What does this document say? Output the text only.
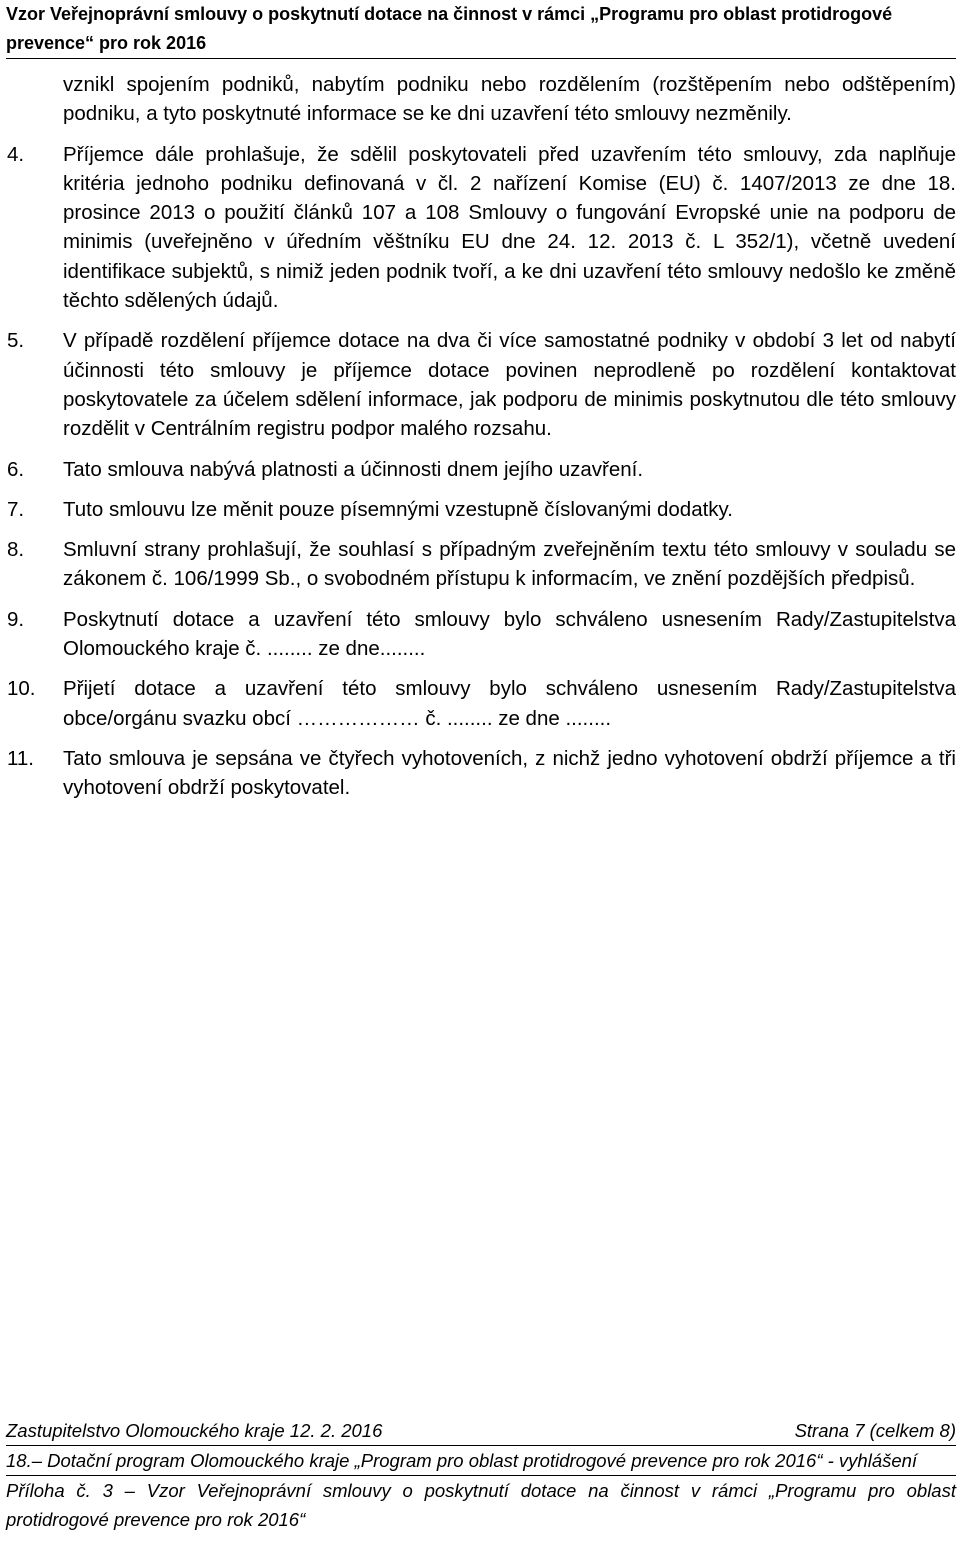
Vzor Veřejnoprávní smlouvy o poskytnutí dotace na činnost v rámci „Programu pro oblast protidrogové
prevence“ pro rok 2016
vznikl spojením podniků, nabytím podniku nebo rozdělením (rozštěpením nebo odštěpením) podniku, a tyto poskytnuté informace se ke dni uzavření této smlouvy nezměnily.
4.	Příjemce dále prohlašuje, že sdělil poskytovateli před uzavřením této smlouvy, zda naplňuje kritéria jednoho podniku definovaná v čl. 2 nařízení Komise (EU) č. 1407/2013 ze dne 18. prosince 2013 o použití článků 107 a 108 Smlouvy o fungování Evropské unie na podporu de minimis (uveřejněno v úředním věštníku EU dne 24. 12. 2013 č. L 352/1), včetně uvedení identifikace subjektů, s nimiž jeden podnik tvoří, a ke dni uzavření této smlouvy nedošlo ke změně těchto sdělených údajů.
5.	V případě rozdělení příjemce dotace na dva či více samostatné podniky v období 3 let od nabytí účinnosti této smlouvy je příjemce dotace povinen neprodleně po rozdělení kontaktovat poskytovatele za účelem sdělení informace, jak podporu de minimis poskytnutou dle této smlouvy rozdělit v Centrálním registru podpor malého rozsahu.
6.	Tato smlouva nabývá platnosti a účinnosti dnem jejího uzavření.
7.	Tuto smlouvu lze měnit pouze písemnými vzestupně číslovanými dodatky.
8.	Smluvní strany prohlašují, že souhlasí s případným zveřejněním textu této smlouvy v souladu se zákonem č. 106/1999 Sb., o svobodném přístupu k informacím, ve znění pozdějších předpisů.
9.	Poskytnutí dotace a uzavření této smlouvy bylo schváleno usnesením Rady/Zastupitelstva Olomouckého kraje č. ........ ze dne........
10.	Přijetí dotace a uzavření této smlouvy bylo schváleno usnesením Rady/Zastupitelstva obce/orgánu svazku obcí ……………… č. ........ ze dne ........
11.	Tato smlouva je sepsána ve čtyřech vyhotoveních, z nichž jedno vyhotovení obdrží příjemce a tři vyhotovení obdrží poskytovatel.
Zastupitelstvo Olomouckého kraje 12. 2. 2016	Strana 7 (celkem 8)
18.– Dotační program Olomouckého kraje „Program pro oblast protidrogové prevence pro rok 2016“ - vyhlášení
Příloha č. 3 – Vzor Veřejnoprávní smlouvy o poskytnutí dotace na činnost v rámci „Programu pro oblast protidrogové prevence pro rok 2016“
